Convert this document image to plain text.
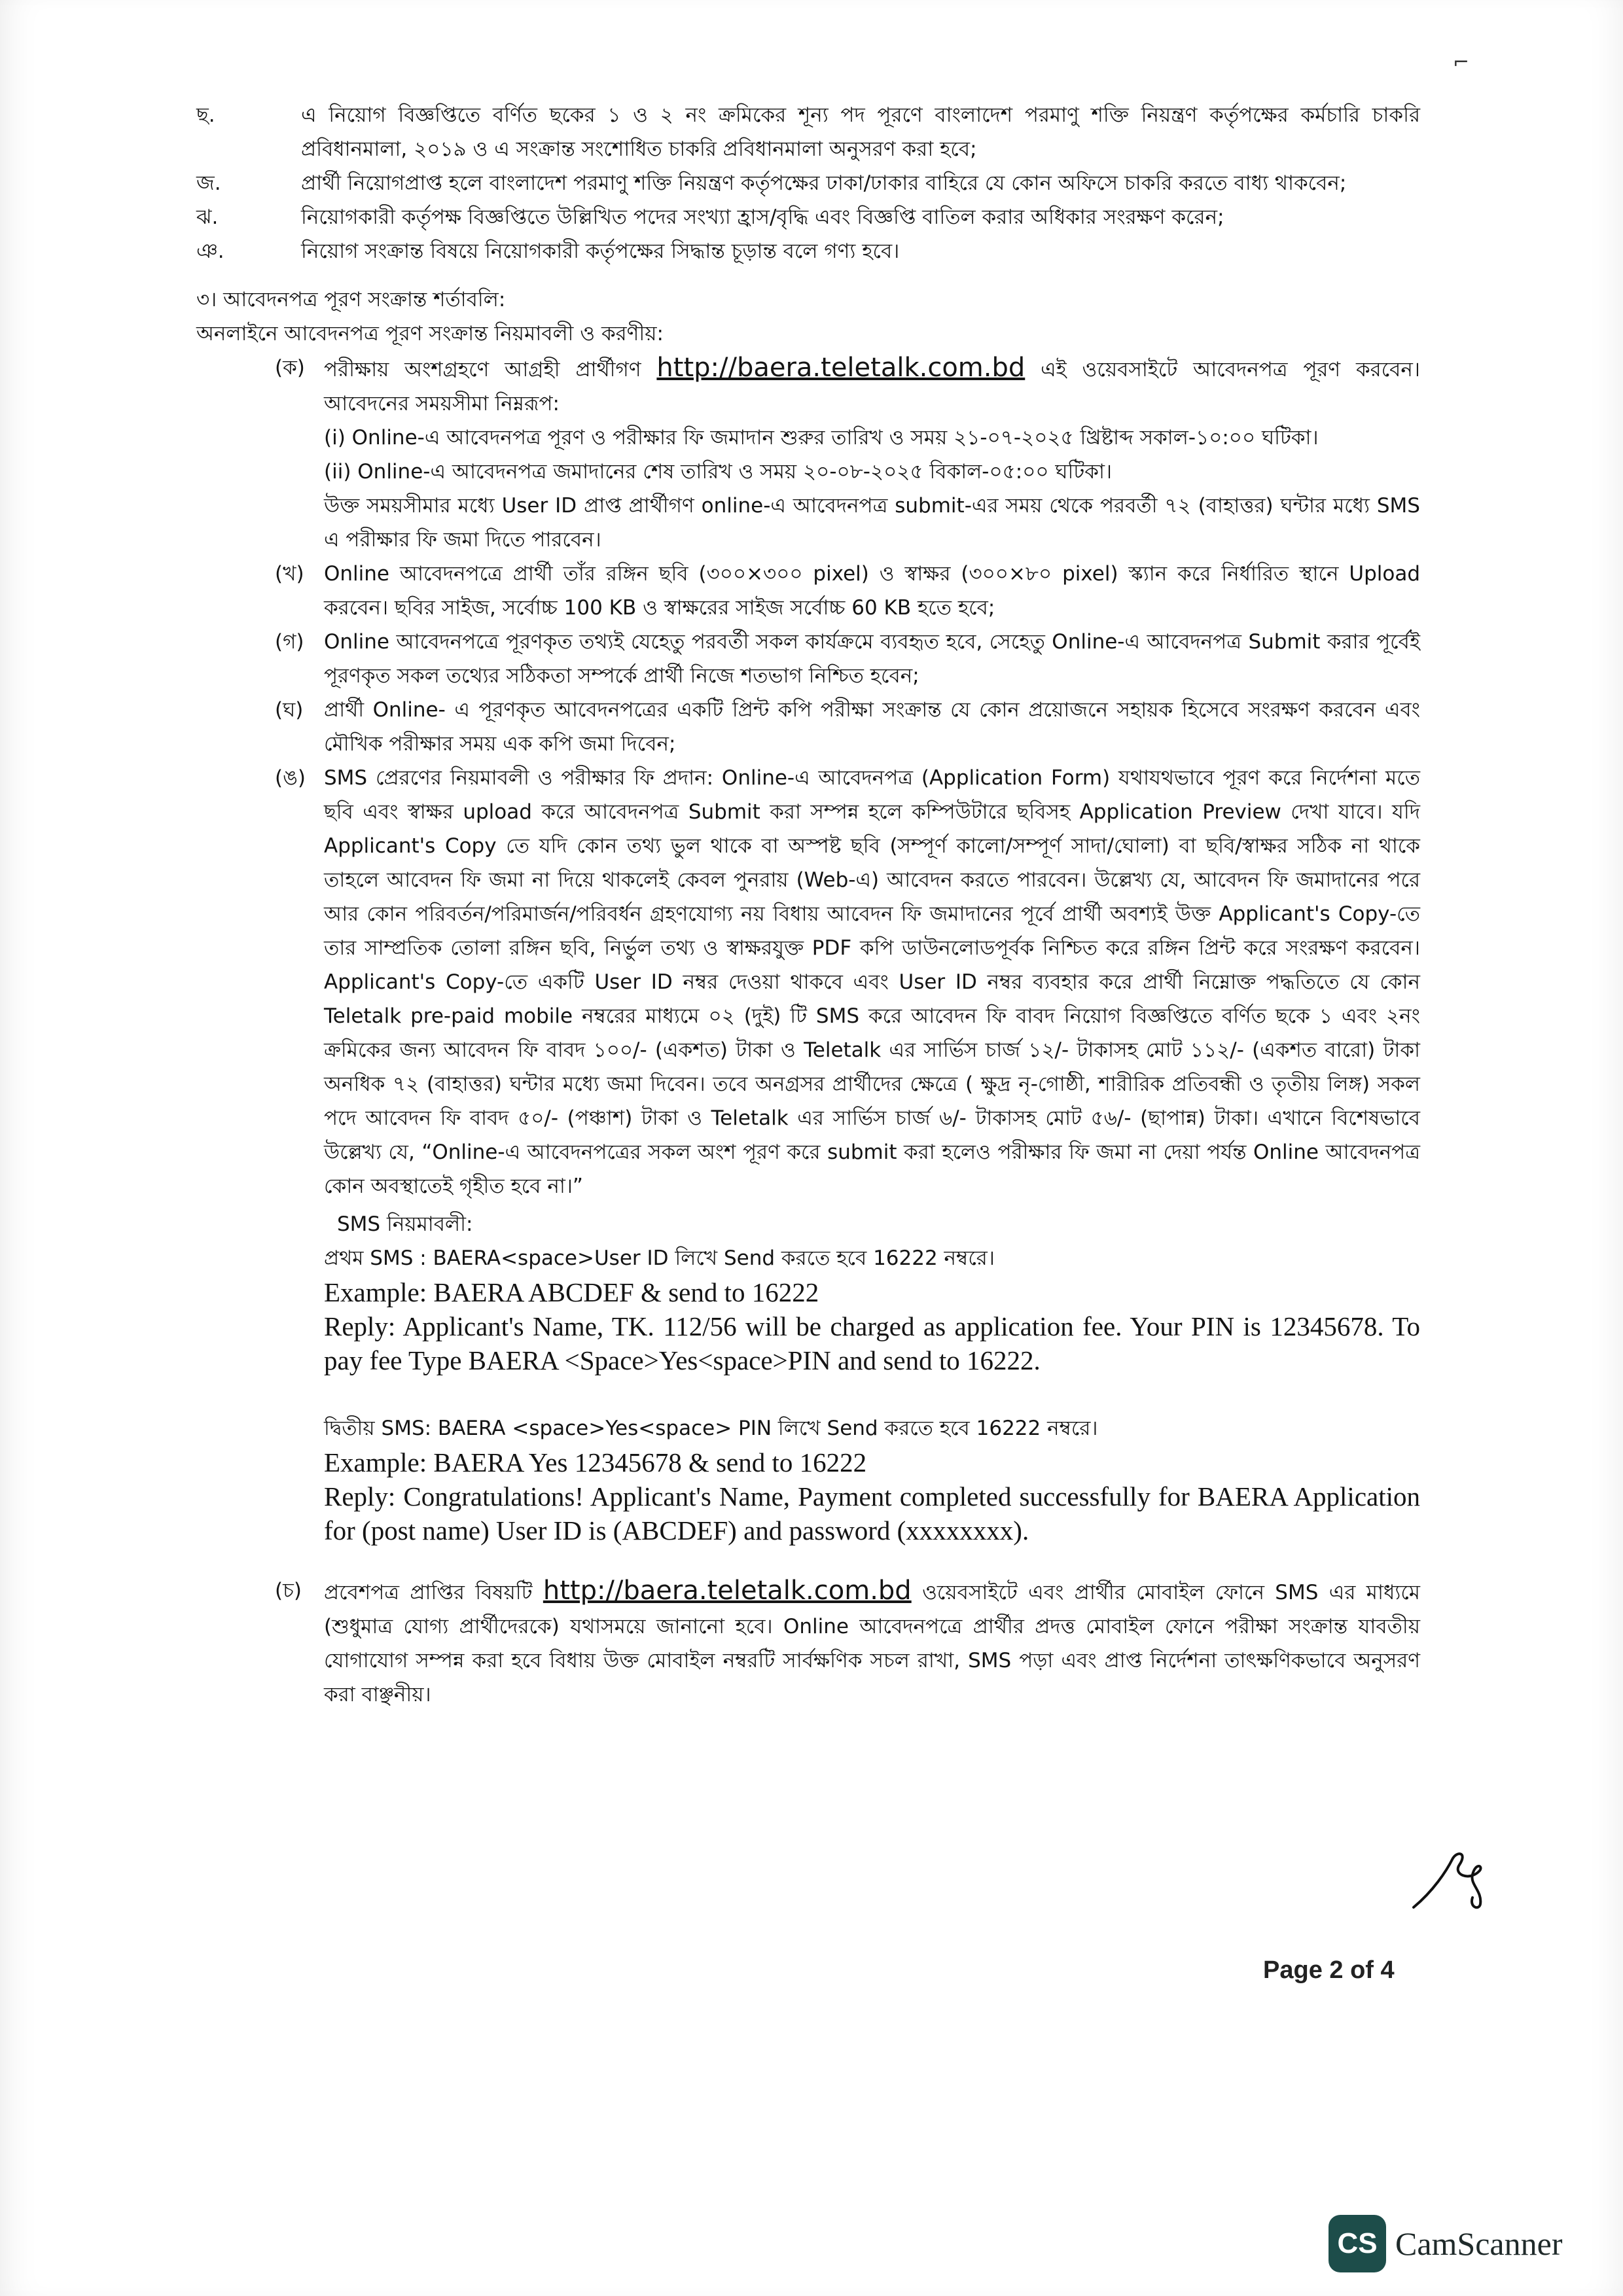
⌐
ছ.	এ নিয়োগ বিজ্ঞপ্তিতে বর্ণিত ছকের ১ ও ২ নং ক্রমিকের শূন্য পদ পূরণে বাংলাদেশ পরমাণু শক্তি নিয়ন্ত্রণ কর্তৃপক্ষের কর্মচারি চাকরি প্রবিধানমালা, ২০১৯ ও এ সংক্রান্ত সংশোধিত চাকরি প্রবিধানমালা অনুসরণ করা হবে;
জ.	প্রার্থী নিয়োগপ্রাপ্ত হলে বাংলাদেশ পরমাণু শক্তি নিয়ন্ত্রণ কর্তৃপক্ষের ঢাকা/ঢাকার বাহিরে যে কোন অফিসে চাকরি করতে বাধ্য থাকবেন;
ঝ.	নিয়োগকারী কর্তৃপক্ষ বিজ্ঞপ্তিতে উল্লিখিত পদের সংখ্যা হ্রাস/বৃদ্ধি এবং বিজ্ঞপ্তি বাতিল করার অধিকার সংরক্ষণ করেন;
ঞ.	নিয়োগ সংক্রান্ত বিষয়ে নিয়োগকারী কর্তৃপক্ষের সিদ্ধান্ত চূড়ান্ত বলে গণ্য হবে।
৩। আবেদনপত্র পূরণ সংক্রান্ত শর্তাবলি:
অনলাইনে আবেদনপত্র পূরণ সংক্রান্ত নিয়মাবলী ও করণীয়:
(ক) পরীক্ষায় অংশগ্রহণে আগ্রহী প্রার্থীগণ http://baera.teletalk.com.bd এই ওয়েবসাইটে আবেদনপত্র পূরণ করবেন। আবেদনের সময়সীমা নিম্নরূপ:
(i) Online-এ আবেদনপত্র পূরণ ও পরীক্ষার ফি জমাদান শুরুর তারিখ ও সময় ২১-০৭-২০২৫ খ্রিষ্টাব্দ সকাল-১০:০০ ঘটিকা।
(ii) Online-এ আবেদনপত্র জমাদানের শেষ তারিখ ও সময় ২০-০৮-২০২৫ বিকাল-০৫:০০ ঘটিকা।
উক্ত সময়সীমার মধ্যে User ID প্রাপ্ত প্রার্থীগণ online-এ আবেদনপত্র submit-এর সময় থেকে পরবর্তী ৭২ (বাহাত্তর) ঘন্টার মধ্যে SMS এ পরীক্ষার ফি জমা দিতে পারবেন।
(খ) Online আবেদনপত্রে প্রার্থী তাঁর রঙ্গিন ছবি (৩০০×৩০০ pixel) ও স্বাক্ষর (৩০০×৮০ pixel) স্ক্যান করে নির্ধারিত স্থানে Upload করবেন। ছবির সাইজ, সর্বোচ্চ 100 KB ও স্বাক্ষরের সাইজ সর্বোচ্চ 60 KB হতে হবে;
(গ) Online আবেদনপত্রে পূরণকৃত তথ্যই যেহেতু পরবর্তী সকল কার্যক্রমে ব্যবহৃত হবে, সেহেতু Online-এ আবেদনপত্র Submit করার পূর্বেই পূরণকৃত সকল তথ্যের সঠিকতা সম্পর্কে প্রার্থী নিজে শতভাগ নিশ্চিত হবেন;
(ঘ)	প্রার্থী Online- এ পূরণকৃত আবেদনপত্রের একটি প্রিন্ট কপি পরীক্ষা সংক্রান্ত যে কোন প্রয়োজনে সহায়ক হিসেবে সংরক্ষণ করবেন এবং মৌখিক পরীক্ষার সময় এক কপি জমা দিবেন;
(ঙ) SMS প্রেরণের নিয়মাবলী ও পরীক্ষার ফি প্রদান: Online-এ আবেদনপত্র (Application Form) যথাযথভাবে পূরণ করে নির্দেশনা মতে ছবি এবং স্বাক্ষর upload করে আবেদনপত্র Submit করা সম্পন্ন হলে কম্পিউটারে ছবিসহ Application Preview দেখা যাবে। যদি Applicant's Copy তে যদি কোন তথ্য ভুল থাকে বা অস্পষ্ট ছবি (সম্পূর্ণ কালো/সম্পূর্ণ সাদা/ঘোলা) বা ছবি/স্বাক্ষর সঠিক না থাকে তাহলে আবেদন ফি জমা না দিয়ে থাকলেই কেবল পুনরায় (Web-এ) আবেদন করতে পারবেন। উল্লেখ্য যে, আবেদন ফি জমাদানের পরে আর কোন পরিবর্তন/পরিমার্জন/পরিবর্ধন গ্রহণযোগ্য নয় বিধায় আবেদন ফি জমাদানের পূর্বে প্রার্থী অবশ্যই উক্ত Applicant's Copy-তে তার সাম্প্রতিক তোলা রঙ্গিন ছবি, নির্ভুল তথ্য ও স্বাক্ষরযুক্ত PDF কপি ডাউনলোডপূর্বক নিশ্চিত করে রঙ্গিন প্রিন্ট করে সংরক্ষণ করবেন। Applicant's Copy-তে একটি User ID নম্বর দেওয়া থাকবে এবং User ID নম্বর ব্যবহার করে প্রার্থী নিম্নোক্ত পদ্ধতিতে যে কোন Teletalk pre-paid mobile নম্বরের মাধ্যমে ০২ (দুই) টি SMS করে আবেদন ফি বাবদ নিয়োগ বিজ্ঞপ্তিতে বর্ণিত ছকে ১ এবং ২নং ক্রমিকের জন্য আবেদন ফি বাবদ ১০০/- (একশত) টাকা ও Teletalk এর সার্ভিস চার্জ ১২/- টাকাসহ মোট ১১২/- (একশত বারো) টাকা অনধিক ৭২ (বাহাত্তর) ঘন্টার মধ্যে জমা দিবেন। তবে অনগ্রসর প্রার্থীদের ক্ষেত্রে ( ক্ষুদ্র নৃ-গোষ্ঠী, শারীরিক প্রতিবন্ধী ও তৃতীয় লিঙ্গ) সকল পদে আবেদন ফি বাবদ ৫০/- (পঞ্চাশ) টাকা ও Teletalk এর সার্ভিস চার্জ ৬/- টাকাসহ মোট ৫৬/- (ছাপান্ন) টাকা। এখানে বিশেষভাবে উল্লেখ্য যে, “Online-এ আবেদনপত্রের সকল অংশ পূরণ করে submit করা হলেও পরীক্ষার ফি জমা না দেয়া পর্যন্ত Online আবেদনপত্র কোন অবস্থাতেই গৃহীত হবে না।”
SMS নিয়মাবলী:
প্রথম SMS : BAERA<space>User ID লিখে Send করতে হবে 16222 নম্বরে।
Example: BAERA ABCDEF & send to 16222
Reply: Applicant's Name, TK. 112/56 will be charged as application fee. Your PIN is 12345678. To pay fee Type BAERA <Space>Yes<space>PIN and send to 16222.
দ্বিতীয় SMS: BAERA <space>Yes<space> PIN লিখে Send করতে হবে 16222 নম্বরে।
Example: BAERA Yes 12345678 & send to 16222
Reply: Congratulations! Applicant's Name, Payment completed successfully for BAERA Application for (post name) User ID is (ABCDEF) and password (xxxxxxxx).
(চ)	প্রবেশপত্র প্রাপ্তির বিষয়টি http://baera.teletalk.com.bd ওয়েবসাইটে এবং প্রার্থীর মোবাইল ফোনে SMS এর মাধ্যমে (শুধুমাত্র যোগ্য প্রার্থীদেরকে) যথাসময়ে জানানো হবে। Online আবেদনপত্রে প্রার্থীর প্রদত্ত মোবাইল ফোনে পরীক্ষা সংক্রান্ত যাবতীয় যোগাযোগ সম্পন্ন করা হবে বিধায় উক্ত মোবাইল নম্বরটি সার্বক্ষণিক সচল রাখা, SMS পড়া এবং প্রাপ্ত নির্দেশনা তাৎক্ষণিকভাবে অনুসরণ করা বাঞ্ছনীয়।
Page 2 of 4
CS CamScanner
